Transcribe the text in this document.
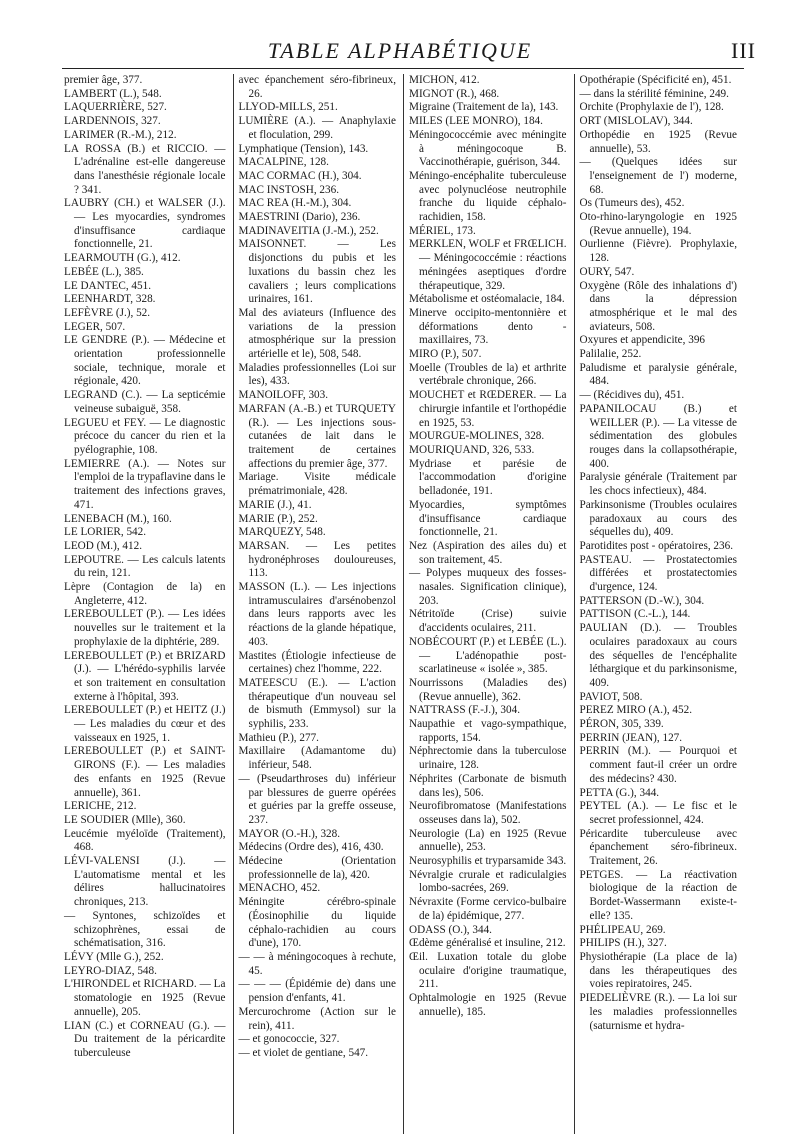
TABLE ALPHABÉTIQUE	III

premier âge, 377.

LAMBERT (L.), 548.

LAQUERRIÈRE, 527.

LARDENNOIS, 327.

LARIMER (R.-M.), 212.

LA ROSSA (B.) et RICCIO. — L'adrénaline est-elle dangereuse dans l'anesthésie régionale locale ? 341.

LAUBRY (CH.) et WALSER (J.). — Les myocardies, syndromes d'insuffisance cardiaque fonctionnelle, 21.

LEARMOUTH (G.), 412.

LEBÉE (L.), 385.

LE DANTEC, 451.

LEENHARDT, 328.

LEFÈVRE (J.), 52.

LEGER, 507.

LE GENDRE (P.). — Médecine et orientation professionnelle sociale, technique, morale et régionale, 420.

LEGRAND (C.). — La septicémie veineuse subaiguë, 358.

LEGUEU et FEY. — Le diagnostic précoce du cancer du rien et la pyélographie, 108.

LEMIERRE (A.). — Notes sur l'emploi de la trypaflavine dans le traitement des infections graves, 471.

LENEBACH (M.), 160.

LE LORIER, 542.

LEOD (M.), 412.

LEPOUTRE. — Les calculs latents du rein, 121.

Lèpre (Contagion de la) en Angleterre, 412.

LEREBOULLET (P.). — Les idées nouvelles sur le traitement et la prophylaxie de la diphtérie, 289.

LEREBOULLET (P.) et BRIZARD (J.). — L'hérédo-syphilis larvée et son traitement en consultation externe à l'hôpital, 393.

LEREBOULLET (P.) et HEITZ (J.) — Les maladies du cœur et des vaisseaux en 1925, 1.

LEREBOULLET (P.) et SAINT-GIRONS (F.). — Les maladies des enfants en 1925 (Revue annuelle), 361.

LERICHE, 212.

LE SOUDIER (Mlle), 360.

Leucémie myéloïde (Traitement), 468.

LÉVI-VALENSI (J.). — L'automatisme mental et les délires hallucinatoires chroniques, 213.

— Syntones, schizoïdes et schizophrènes, essai de schématisation, 316.

LÉVY (Mlle G.), 252.

LEYRO-DIAZ, 548.

L'HIRONDEL et RICHARD. — La stomatologie en 1925 (Revue annuelle), 205.

LIAN (C.) et CORNEAU (G.). — Du traitement de la péricardite tuberculeuse

avec épanchement séro-fibrineux, 26.

LLYOD-MILLS, 251.

LUMIÈRE (A.). — Anaphylaxie et floculation, 299.

Lymphatique (Tension), 143.

MACALPINE, 128.

MAC CORMAC (H.), 304.

MAC INSTOSH, 236.

MAC REA (H.-M.), 304.

MAESTRINI (Dario), 236.

MADINAVEITIA (J.-M.), 252.

MAISONNET. — Les disjonctions du pubis et les luxations du bassin chez les cavaliers ; leurs complications urinaires, 161.

Mal des aviateurs (Influence des variations de la pression atmosphérique sur la pression artérielle et le), 508, 548.

Maladies professionnelles (Loi sur les), 433.

MANOILOFF, 303.

MARFAN (A.-B.) et TURQUETY (R.). — Les injections sous-cutanées de lait dans le traitement de certaines affections du premier âge, 377.

Mariage. Visite médicale prématrimoniale, 428.

MARIE (J.), 41.

MARIE (P.), 252.

MARQUEZY, 548.

MARSAN. — Les petites hydronéphroses douloureuses, 113.

MASSON (L.). — Les injections intramusculaires d'arsénobenzol dans leurs rapports avec les réactions de la glande hépatique, 403.

Mastites (Étiologie infectieuse de certaines) chez l'homme, 222.

MATEESCU (E.). — L'action thérapeutique d'un nouveau sel de bismuth (Emmysol) sur la syphilis, 233.

Mathieu (P.), 277.

Maxillaire (Adamantome du) inférieur, 548.

— (Pseudarthroses du) inférieur par blessures de guerre opérées et guéries par la greffe osseuse, 237.

MAYOR (O.-H.), 328.

Médecins (Ordre des), 416, 430.

Médecine (Orientation professionnelle de la), 420.

MENACHO, 452.

Méningite cérébro-spinale (Éosinophilie du liquide céphalo-rachidien au cours d'une), 170.

— — à méningocoques à rechute, 45.

— — — (Épidémie de) dans une pension d'enfants, 41.

Mercurochrome (Action sur le rein), 411.

— et gonococcie, 327.

— et violet de gentiane, 547.

MICHON, 412.

MIGNOT (R.), 468.

Migraine (Traitement de la), 143.

MILES (LEE MONRO), 184.

Méningococcémie avec méningite à méningocoque B. Vaccinothérapie, guérison, 344.

Méningo-encéphalite tuberculeuse avec polynucléose neutrophile franche du liquide céphalo-rachidien, 158.

MÉRIEL, 173.

MERKLEN, WOLF et FRŒLICH. — Méningococcémie : réactions méningées aseptiques d'ordre thérapeutique, 329.

Métabolisme et ostéomalacie, 184.

Minerve occipito-mentonnière et déformations dento - maxillaires, 73.

MIRO (P.), 507.

Moelle (Troubles de la) et arthrite vertébrale chronique, 266.

MOUCHET et RŒDERER. — La chirurgie infantile et l'orthopédie en 1925, 53.

MOURGUE-MOLINES, 328.

MOURIQUAND, 326, 533.

Mydriase et parésie de l'accommodation d'origine belladonée, 191.

Myocardies, symptômes d'insuffisance cardiaque fonctionnelle, 21.

Nez (Aspiration des ailes du) et son traitement, 45.

— Polypes muqueux des fosses-nasales. Signification clinique), 203.

Nétritoïde (Crise) suivie d'accidents oculaires, 211.

NOBÉCOURT (P.) et LEBÉE (L.). — L'adénopathie post-scarlatineuse « isolée », 385.

Nourrissons (Maladies des) (Revue annuelle), 362.

NATTRASS (F.-J.), 304.

Naupathie et vago-sympathique, rapports, 154.

Néphrectomie dans la tuberculose urinaire, 128.

Néphrites (Carbonate de bismuth dans les), 506.

Neurofibromatose (Manifestations osseuses dans la), 502.

Neurologie (La) en 1925 (Revue annuelle), 253.

Neurosyphilis et tryparsamide 343.

Névralgie crurale et radiculalgies lombo-sacrées, 269.

Névraxite (Forme cervico-bulbaire de la) épidémique, 277.

ODASS (O.), 344.

Œdème généralisé et insuline, 212.

Œil. Luxation totale du globe oculaire d'origine traumatique, 211.

Ophtalmologie en 1925 (Revue annuelle), 185.

Opothérapie (Spécificité en), 451.

— dans la stérilité féminine, 249.

Orchite (Prophylaxie de l'), 128.

ORT (MISLOLAV), 344.

Orthopédie en 1925 (Revue annuelle), 53.

— (Quelques idées sur l'enseignement de l') moderne, 68.

Os (Tumeurs des), 452.

Oto-rhino-laryngologie en 1925 (Revue annuelle), 194.

Ourlienne (Fièvre). Prophylaxie, 128.

OURY, 547.

Oxygène (Rôle des inhalations d') dans la dépression atmosphérique et le mal des aviateurs, 508.

Oxyures et appendicite, 396

Palilalie, 252.

Paludisme et paralysie générale, 484.

— (Récidives du), 451.

PAPANILOCAU (B.) et WEILLER (P.). — La vitesse de sédimentation des globules rouges dans la collapsothérapie, 400.

Paralysie générale (Traitement par les chocs infectieux), 484.

Parkinsonisme (Troubles oculaires paradoxaux au cours des séquelles du), 409.

Parotidites post - opératoires, 236.

PASTEAU. — Prostatectomies différées et prostatectomies d'urgence, 124.

PATTERSON (D.-W.), 304.

PATTISON (C.-L.), 144.

PAULIAN (D.). — Troubles oculaires paradoxaux au cours des séquelles de l'encéphalite léthargique et du parkinsonisme, 409.

PAVIOT, 508.

PEREZ MIRO (A.), 452.

PÉRON, 305, 339.

PERRIN (JEAN), 127.

PERRIN (M.). — Pourquoi et comment faut-il créer un ordre des médecins? 430.

PETTA (G.), 344.

PEYTEL (A.). — Le fisc et le secret professionnel, 424.

Péricardite tuberculeuse avec épanchement séro-fibrineux. Traitement, 26.

PETGES. — La réactivation biologique de la réaction de Bordet-Wassermann existe-t-elle? 135.

PHÉLIPEAU, 269.

PHILIPS (H.), 327.

Physiothérapie (La place de la) dans les thérapeutiques des voies repiratoires, 245.

PIEDELIÈVRE (R.). — La loi sur les maladies professionnelles (saturnisme et hydra-
